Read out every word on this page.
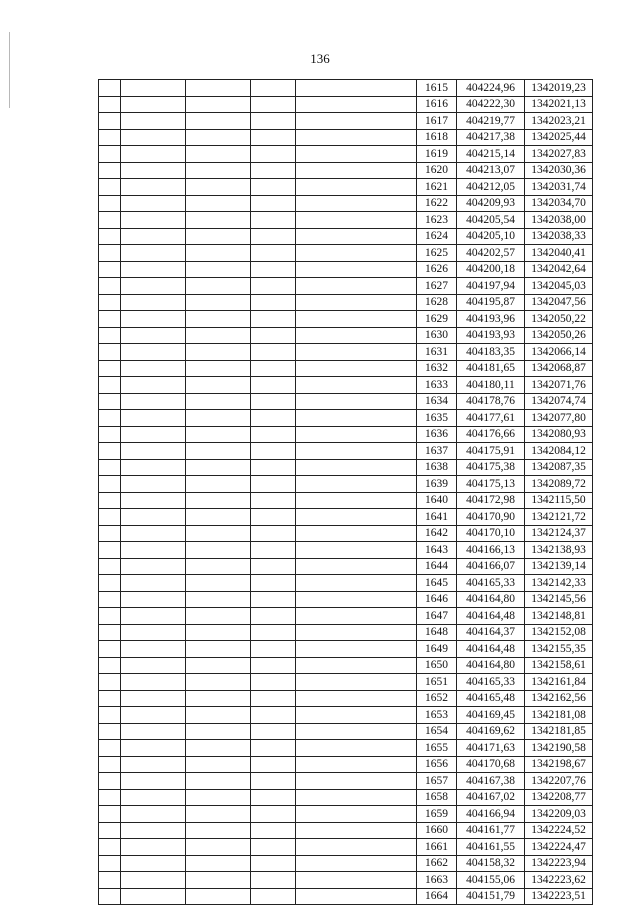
136
					1615	404224,96	1342019,23
					1616	404222,30	1342021,13
					1617	404219,77	1342023,21
					1618	404217,38	1342025,44
					1619	404215,14	1342027,83
					1620	404213,07	1342030,36
					1621	404212,05	1342031,74
					1622	404209,93	1342034,70
					1623	404205,54	1342038,00
					1624	404205,10	1342038,33
					1625	404202,57	1342040,41
					1626	404200,18	1342042,64
					1627	404197,94	1342045,03
					1628	404195,87	1342047,56
					1629	404193,96	1342050,22
					1630	404193,93	1342050,26
					1631	404183,35	1342066,14
					1632	404181,65	1342068,87
					1633	404180,11	1342071,76
					1634	404178,76	1342074,74
					1635	404177,61	1342077,80
					1636	404176,66	1342080,93
					1637	404175,91	1342084,12
					1638	404175,38	1342087,35
					1639	404175,13	1342089,72
					1640	404172,98	1342115,50
					1641	404170,90	1342121,72
					1642	404170,10	1342124,37
					1643	404166,13	1342138,93
					1644	404166,07	1342139,14
					1645	404165,33	1342142,33
					1646	404164,80	1342145,56
					1647	404164,48	1342148,81
					1648	404164,37	1342152,08
					1649	404164,48	1342155,35
					1650	404164,80	1342158,61
					1651	404165,33	1342161,84
					1652	404165,48	1342162,56
					1653	404169,45	1342181,08
					1654	404169,62	1342181,85
					1655	404171,63	1342190,58
					1656	404170,68	1342198,67
					1657	404167,38	1342207,76
					1658	404167,02	1342208,77
					1659	404166,94	1342209,03
					1660	404161,77	1342224,52
					1661	404161,55	1342224,47
					1662	404158,32	1342223,94
					1663	404155,06	1342223,62
					1664	404151,79	1342223,51
